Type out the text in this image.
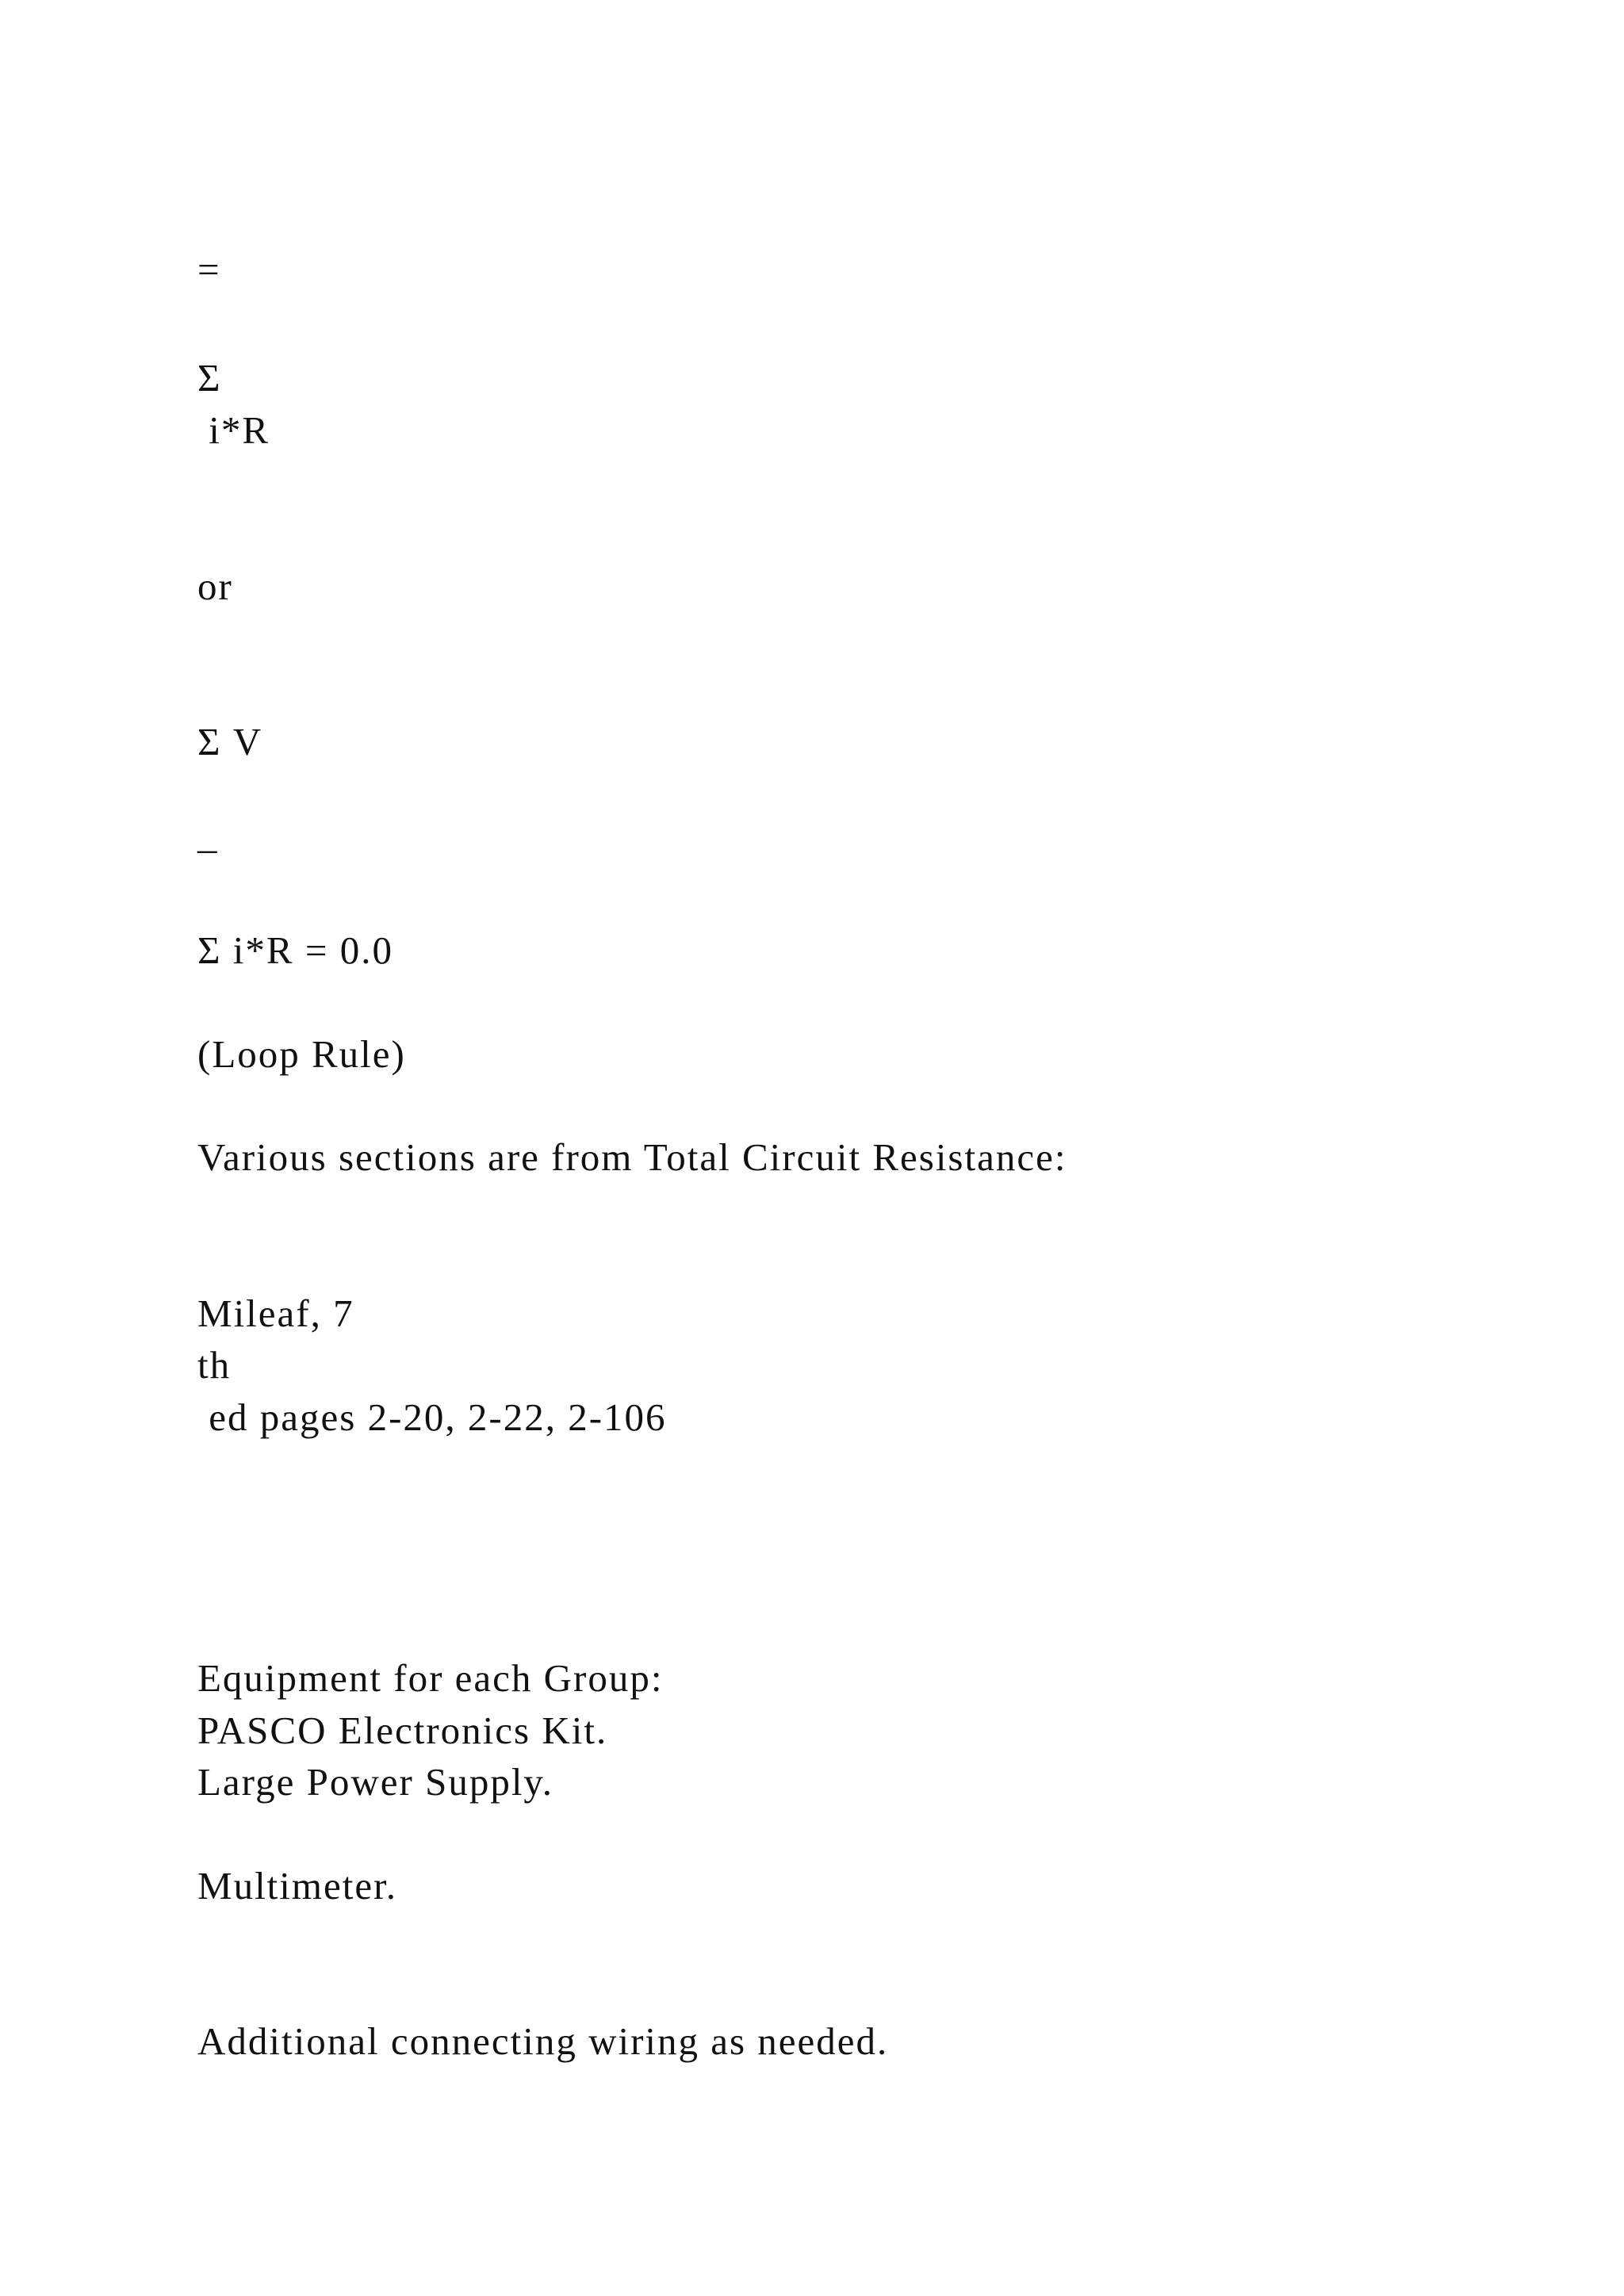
=
Σ
i*R
or
Σ V
–
Σ i*R = 0.0
(Loop Rule)
Various sections are from Total Circuit Resistance:
Mileaf, 7
th
ed pages 2-20, 2-22, 2-106
Equipment for each Group:
PASCO Electronics Kit.
Large Power Supply.
Multimeter.
Additional connecting wiring as needed.
